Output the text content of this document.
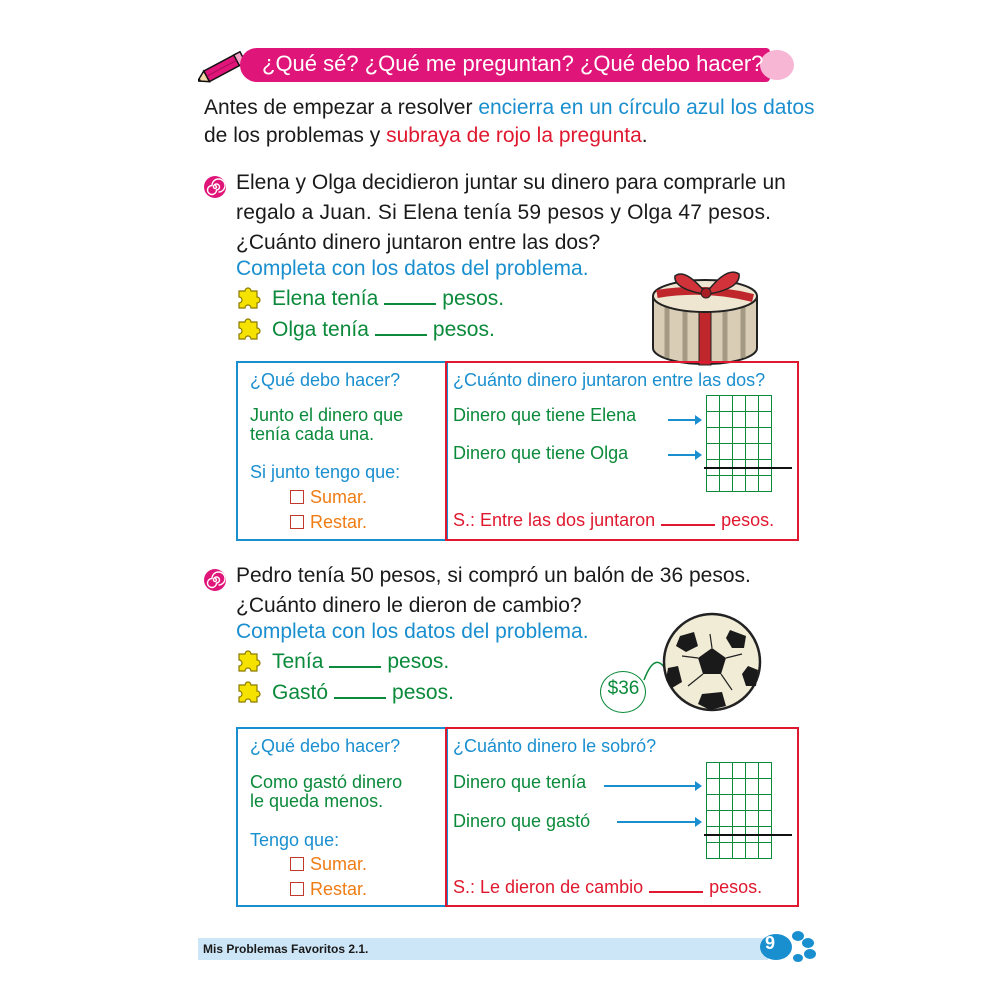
¿Qué sé? ¿Qué me preguntan? ¿Qué debo hacer?
Antes de empezar a resolver encierra en un círculo azul los datos
de los problemas y subraya de rojo la pregunta.
Elena y Olga decidieron juntar su dinero para comprarle un
regalo a Juan. Si Elena tenía 59 pesos y Olga 47 pesos.
¿Cuánto dinero juntaron entre las dos?
Completa con los datos del problema.
Elena tenía	pesos.
Olga tenía	pesos.
¿Qué debo hacer?
Junto el dinero que
tenía cada una.
Si junto tengo que:
Sumar.
Restar.
¿Cuánto dinero juntaron entre las dos?
Dinero que tiene Elena
Dinero que tiene Olga
S.: Entre las dos juntaron	pesos.
Pedro tenía 50 pesos, si compró un balón de 36 pesos.
¿Cuánto dinero le dieron de cambio?
Completa con los datos del problema.
Tenía	pesos.
Gastó	pesos.	$36
¿Qué debo hacer?
Como gastó dinero
le queda menos.
Tengo que:
Sumar.
Restar.
¿Cuánto dinero le sobró?
Dinero que tenía
Dinero que gastó
S.: Le dieron de cambio	pesos.
Mis Problemas Favoritos 2.1.	9
